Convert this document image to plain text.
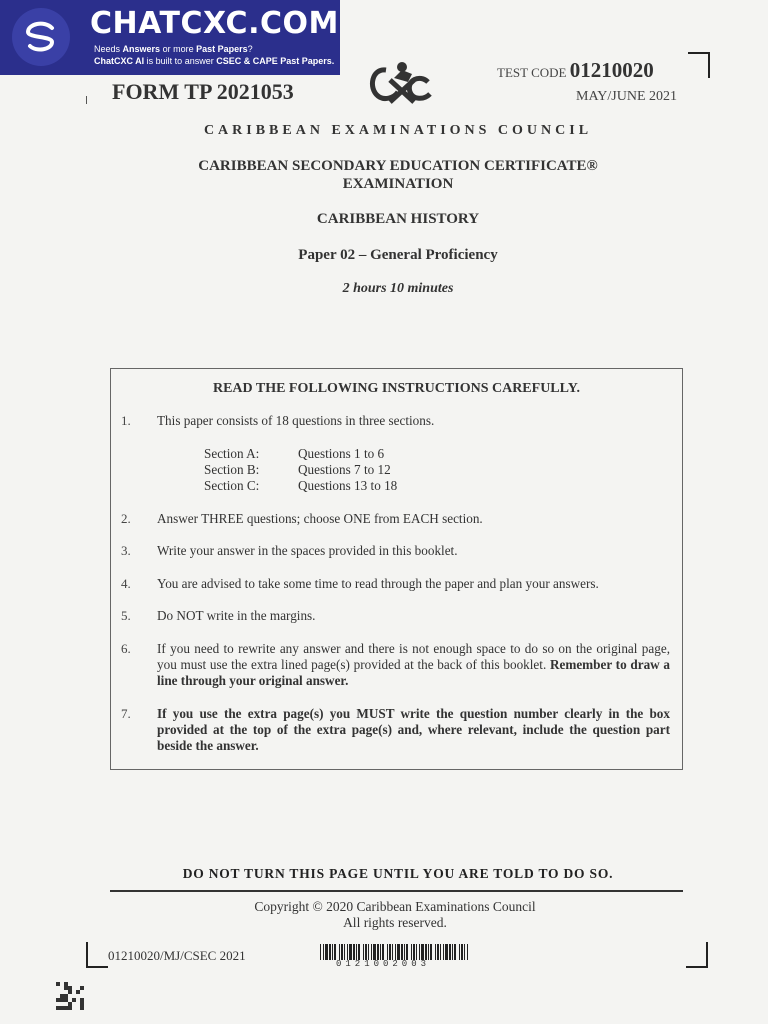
CHATCXC.COM
Needs Answers or more Past Papers?
ChatCXC AI is built to answer CSEC & CAPE Past Papers.
FORM TP 2021053
TEST CODE 01210020
MAY/JUNE 2021
CARIBBEAN EXAMINATIONS COUNCIL
CARIBBEAN SECONDARY EDUCATION CERTIFICATE®
EXAMINATION
CARIBBEAN HISTORY
Paper 02 – General Proficiency
2 hours 10 minutes
READ THE FOLLOWING INSTRUCTIONS CAREFULLY.
1. This paper consists of 18 questions in three sections.
Section A:	Questions 1 to 6
Section B:	Questions 7 to 12
Section C:	Questions 13 to 18
2. Answer THREE questions; choose ONE from EACH section.
3. Write your answer in the spaces provided in this booklet.
4. You are advised to take some time to read through the paper and plan your answers.
5. Do NOT write in the margins.
6. If you need to rewrite any answer and there is not enough space to do so on the original page, you must use the extra lined page(s) provided at the back of this booklet. Remember to draw a line through your original answer.
7. If you use the extra page(s) you MUST write the question number clearly in the box provided at the top of the extra page(s) and, where relevant, include the question part beside the answer.
DO NOT TURN THIS PAGE UNTIL YOU ARE TOLD TO DO SO.
Copyright © 2020 Caribbean Examinations Council
All rights reserved.
01210020/MJ/CSEC 2021
0121002003
